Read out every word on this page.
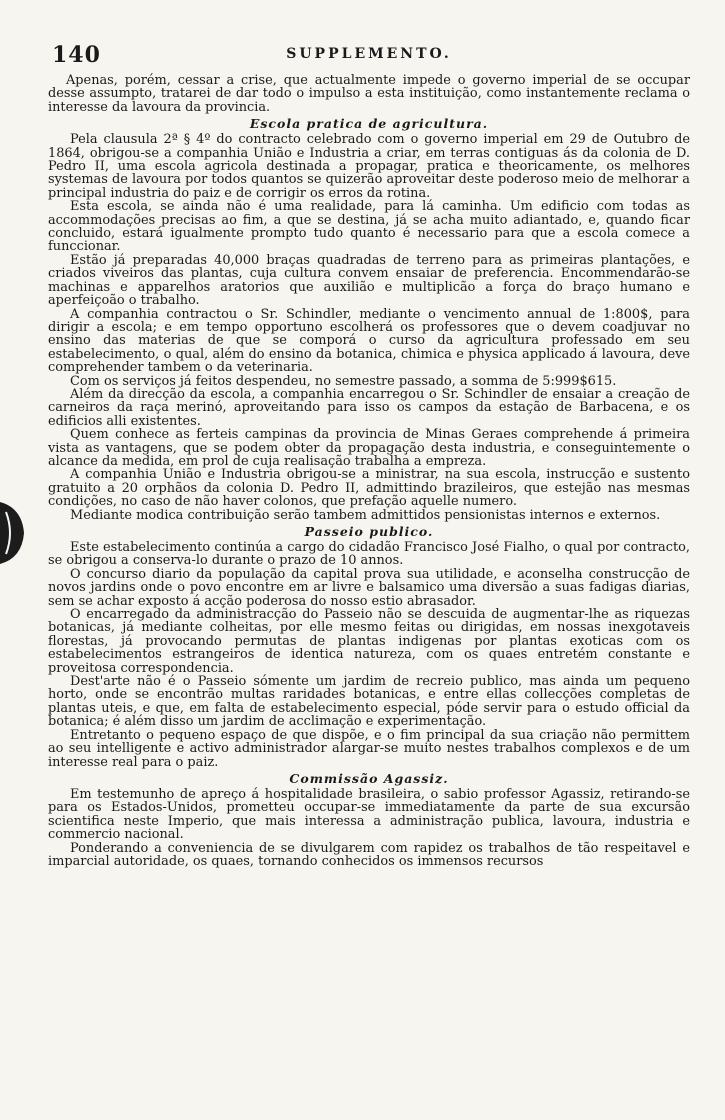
140	SUPPLEMENTO.

Apenas, porém, cessar a crise, que actualmente impede o governo imperial de se occupar desse assumpto, tratarei de dar todo o impulso a esta instituição, como instantemente reclama o interesse da lavoura da provincia.

Escola pratica de agricultura.

Pela clausula 2ª § 4º do contracto celebrado com o governo imperial em 29 de Outubro de 1864, obrigou-se a companhia União e Industria a criar, em terras contiguas ás da colonia de D. Pedro II, uma escola agricola destinada a propagar, pratica e theoricamente, os melhores systemas de lavoura por todos quantos se quizerão aproveitar deste poderoso meio de melhorar a principal industria do paiz e de corrigir os erros da rotina.

Esta escola, se ainda não é uma realidade, para lá caminha. Um edificio com todas as accommodações precisas ao fim, a que se destina, já se acha muito adiantado, e, quando ficar concluido, estará igualmente prompto tudo quanto é necessario para que a escola comece a funccionar.

Estão já preparadas 40,000 braças quadradas de terreno para as primeiras plantações, e criados viveiros das plantas, cuja cultura convem ensaiar de preferencia. Encommendarão-se machinas e apparelhos aratorios que auxilião e multiplicão a força do braço humano e aperfeiçoão o trabalho.

A companhia contractou o Sr. Schindler, mediante o vencimento annual de 1:800$, para dirigir a escola; e em tempo opportuno escolherá os professores que o devem coadjuvar no ensino das materias de que se comporá o curso da agricultura professado em seu estabelecimento, o qual, além do ensino da botanica, chimica e physica applicado á lavoura, deve comprehender tambem o da veterinaria.

Com os serviços já feitos despendeu, no semestre passado, a somma de 5:999$615.

Além da direcção da escola, a companhia encarregou o Sr. Schindler de ensaiar a creação de carneiros da raça merinó, aproveitando para isso os campos da estação de Barbacena, e os edificios alli existentes.

Quem conhece as ferteis campinas da provincia de Minas Geraes comprehende á primeira vista as vantagens, que se podem obter da propagação desta industria, e conseguintemente o alcance da medida, em prol de cuja realisação trabalha a empreza.

A companhia União e Industria obrigou-se a ministrar, na sua escola, instrucção e sustento gratuito a 20 orphãos da colonia D. Pedro II, admittindo brazileiros, que estejão nas mesmas condições, no caso de não haver colonos, que prefação aquelle numero.

Mediante modica contribuição serão tambem admittidos pensionistas internos e externos.

Passeio publico.

Este estabelecimento continúa a cargo do cidadão Francisco José Fialho, o qual por contracto, se obrigou a conserva-lo durante o prazo de 10 annos.

O concurso diario da população da capital prova sua utilidade, e aconselha construcção de novos jardins onde o povo encontre em ar livre e balsamico uma diversão a suas fadigas diarias, sem se achar exposto á acção poderosa do nosso estio abrasador.

O encarregado da administracção do Passeio não se descuida de augmentar-lhe as riquezas botanicas, já mediante colheitas, por elle mesmo feitas ou dirigidas, em nossas inexgotaveis florestas, já provocando permutas de plantas indigenas por plantas exoticas com os estabelecimentos estrangeiros de identica natureza, com os quaes entretém constante e proveitosa correspondencia.

Dest'arte não é o Passeio sómente um jardim de recreio publico, mas ainda um pequeno horto, onde se encontrão multas raridades botanicas, e entre ellas collecções completas de plantas uteis, e que, em falta de estabelecimento especial, póde servir para o estudo official da botanica; é além disso um jardim de acclimação e experimentação.

Entretanto o pequeno espaço de que dispõe, e o fim principal da sua criação não permittem ao seu intelligente e activo administrador alargar-se muito nestes trabalhos complexos e de um interesse real para o paiz.

Commissão Agassiz.

Em testemunho de apreço á hospitalidade brasileira, o sabio professor Agassiz, retirando-se para os Estados-Unidos, prometteu occupar-se immediatamente da parte de sua excursão scientifica neste Imperio, que mais interessa a administração publica, lavoura, industria e commercio nacional.

Ponderando a conveniencia de se divulgarem com rapidez os trabalhos de tão respeitavel e imparcial autoridade, os quaes, tornando conhecidos os immensos recursos
